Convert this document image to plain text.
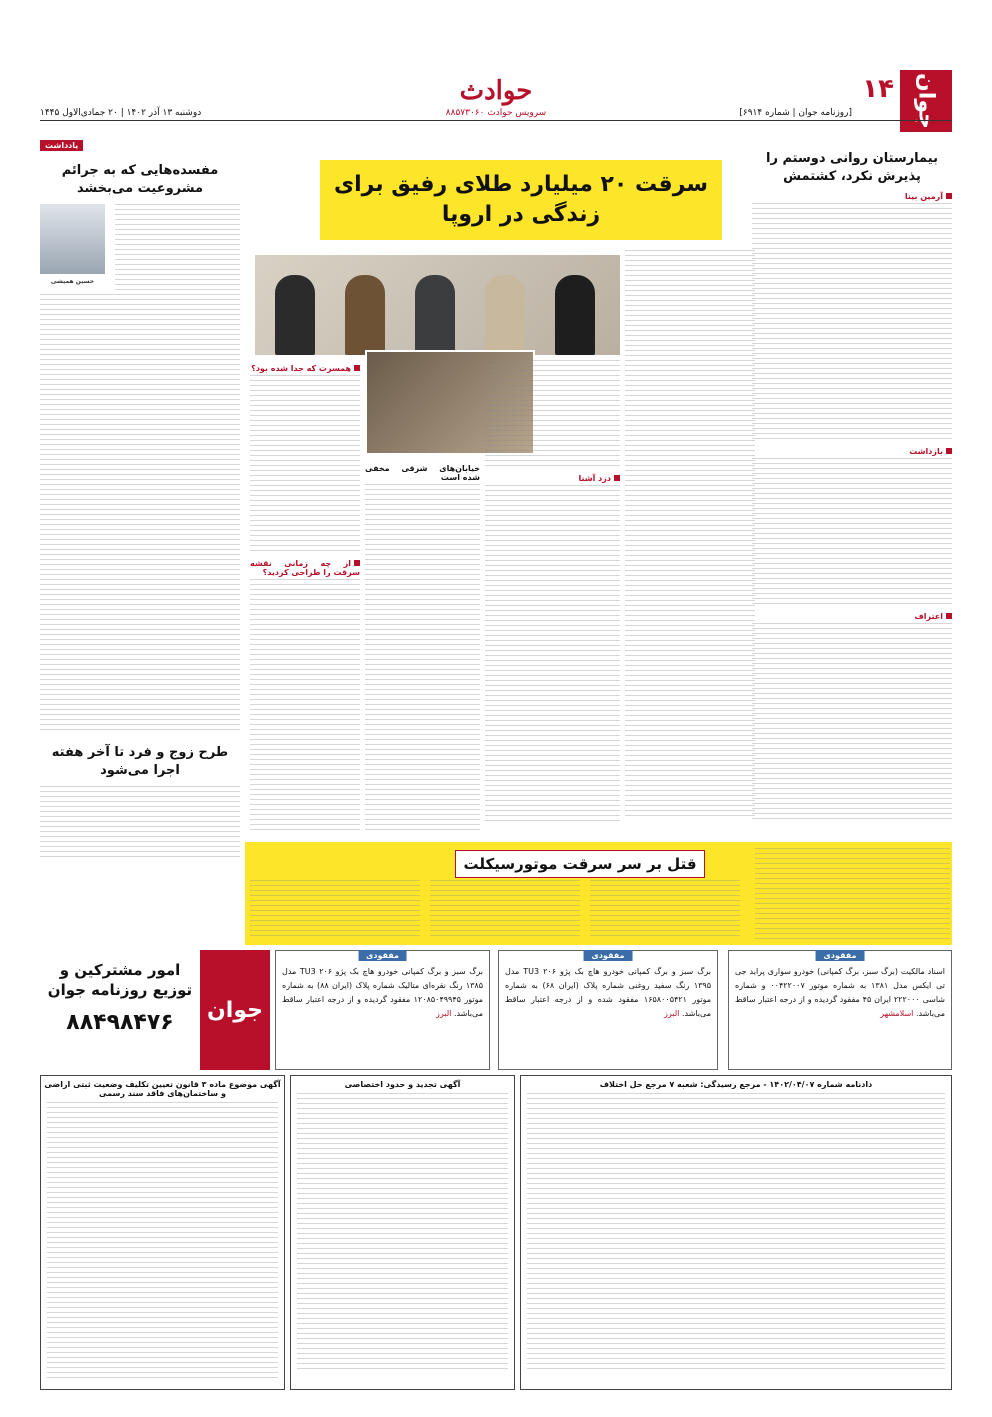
جوان
۱۴
حوادث
سرویس حوادث ۸۸۵۷۳۰۶۰	[روزنامه جوان | شماره ۶۹۱۴]
دوشنبه ۱۳ آذر ۱۴۰۲ | ۲۰ جمادی‌الاول ۱۴۴۵
بیمارستان روانی دوستم را پذیرش نکرد، کشتمش
آرمین بینا
بازداشت
اعتراف
یادداشت
مفسده‌هایی که به جرائم مشروعیت می‌بخشد
حسین همیشی
طرح زوج و فرد تا آخر هفته اجرا می‌شود
سرقت ۲۰ میلیارد طلای رفیق برای زندگی در اروپا
همسرت که جدا شده بود؟
از چه زمانی نقشه سرقت را طراحی کردید؟
خیابان‌های شرقی مخفی شده است	دزد آشنا
قتل بر سر سرقت موتورسیکلت
جوان
امور مشترکین و توزیع روزنامه جوان
۸۸۴۹۸۴۷۶
مفقودی
برگ سبز و برگ کمپانی خودرو هاچ بک پژو ۲۰۶ TU3 مدل ۱۳۸۵ رنگ نقره‌ای متالیک شماره پلاک (ایران ۸۸) به شماره موتور ۱۲۰۸۵۰۴۹۹۴۵ مفقود گردیده و از درجه اعتبار ساقط می‌باشد. البرز
مفقودی
برگ سبز و برگ کمپانی خودرو هاچ بک پژو ۲۰۶ TU3 مدل ۱۳۹۵ رنگ سفید روغنی شماره پلاک (ایران ۶۸) به شماره موتور ۱۶۵۸۰۰۵۴۲۱ مفقود شده و از درجه اعتبار ساقط می‌باشد. البرز
مفقودی
اسناد مالکیت (برگ سبز، برگ کمپانی) خودرو سواری پراید جی تی ایکس مدل ۱۳۸۱ به شماره موتور ۰۰۴۲۲۰۰۷ و شماره شاسی ۲۲۲۰۰۰ ایران ۴۵ مفقود گردیده و از درجه اعتبار ساقط می‌باشد. اسلامشهر
آگهی موضوع ماده ۳ قانون تعیین تکلیف وضعیت ثبتی اراضی و ساختمان‌های فاقد سند رسمی
آگهی تجدید و حدود اختصاصی	دادنامه شماره ۱۴۰۲/۰۴/۰۷ - مرجع رسیدگی: شعبه ۷ مرجع حل اختلاف
